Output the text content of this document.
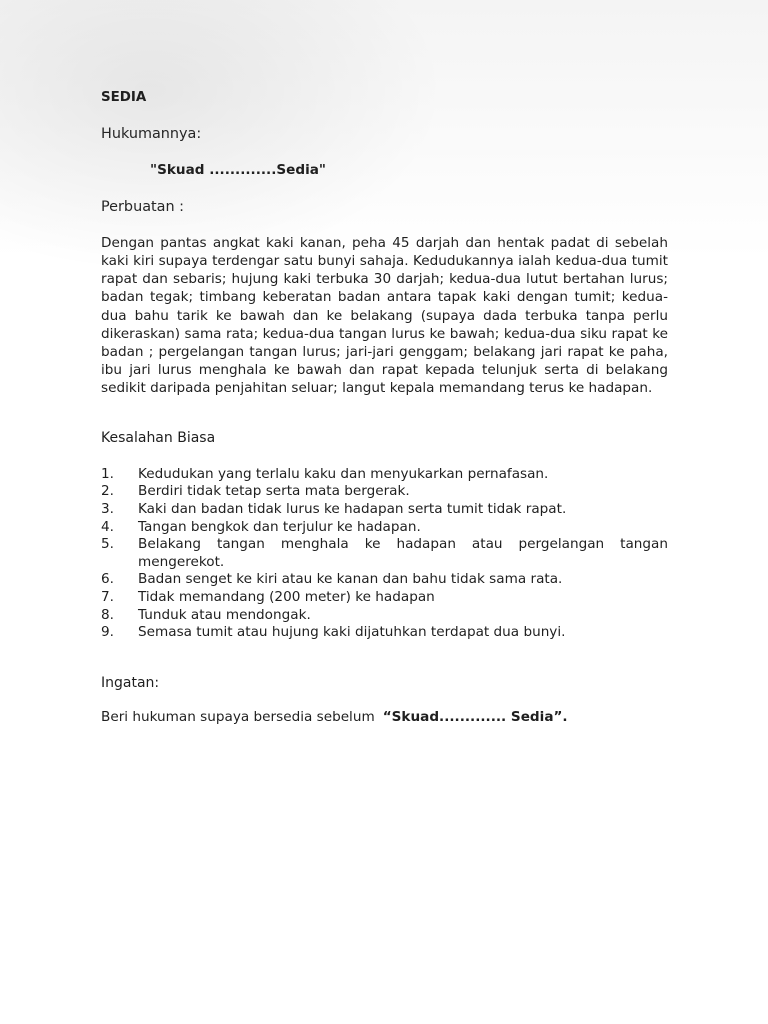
SEDIA
Hukumannya:
"Skuad .............Sedia"
Perbuatan :
Dengan pantas angkat kaki kanan, peha 45 darjah dan hentak padat di sebelah kaki kiri supaya terdengar satu bunyi sahaja. Kedudukannya ialah kedua-dua tumit rapat dan sebaris; hujung kaki terbuka 30 darjah; kedua-dua lutut bertahan lurus; badan tegak; timbang keberatan badan antara tapak kaki dengan tumit; kedua-dua bahu tarik ke bawah dan ke belakang (supaya dada terbuka tanpa perlu dikeraskan) sama rata; kedua-dua tangan lurus ke bawah; kedua-dua siku rapat ke badan ; pergelangan tangan lurus; jari-jari genggam; belakang jari rapat ke paha, ibu jari lurus menghala ke bawah dan rapat kepada telunjuk serta di belakang sedikit daripada penjahitan seluar; langut kepala memandang terus ke hadapan.
Kesalahan Biasa
1. Kedudukan yang terlalu kaku dan menyukarkan pernafasan.
2. Berdiri tidak tetap serta mata bergerak.
3. Kaki dan badan tidak lurus ke hadapan serta tumit tidak rapat.
4. Tangan bengkok dan terjulur ke hadapan.
5. Belakang tangan menghala ke hadapan atau pergelangan tangan mengerekot.
6. Badan senget ke kiri atau ke kanan dan bahu tidak sama rata.
7. Tidak memandang (200 meter) ke hadapan
8. Tunduk atau mendongak.
9. Semasa tumit atau hujung kaki dijatuhkan terdapat dua bunyi.
Ingatan:
Beri hukuman supaya bersedia sebelum “Skuad............. Sedia”.
